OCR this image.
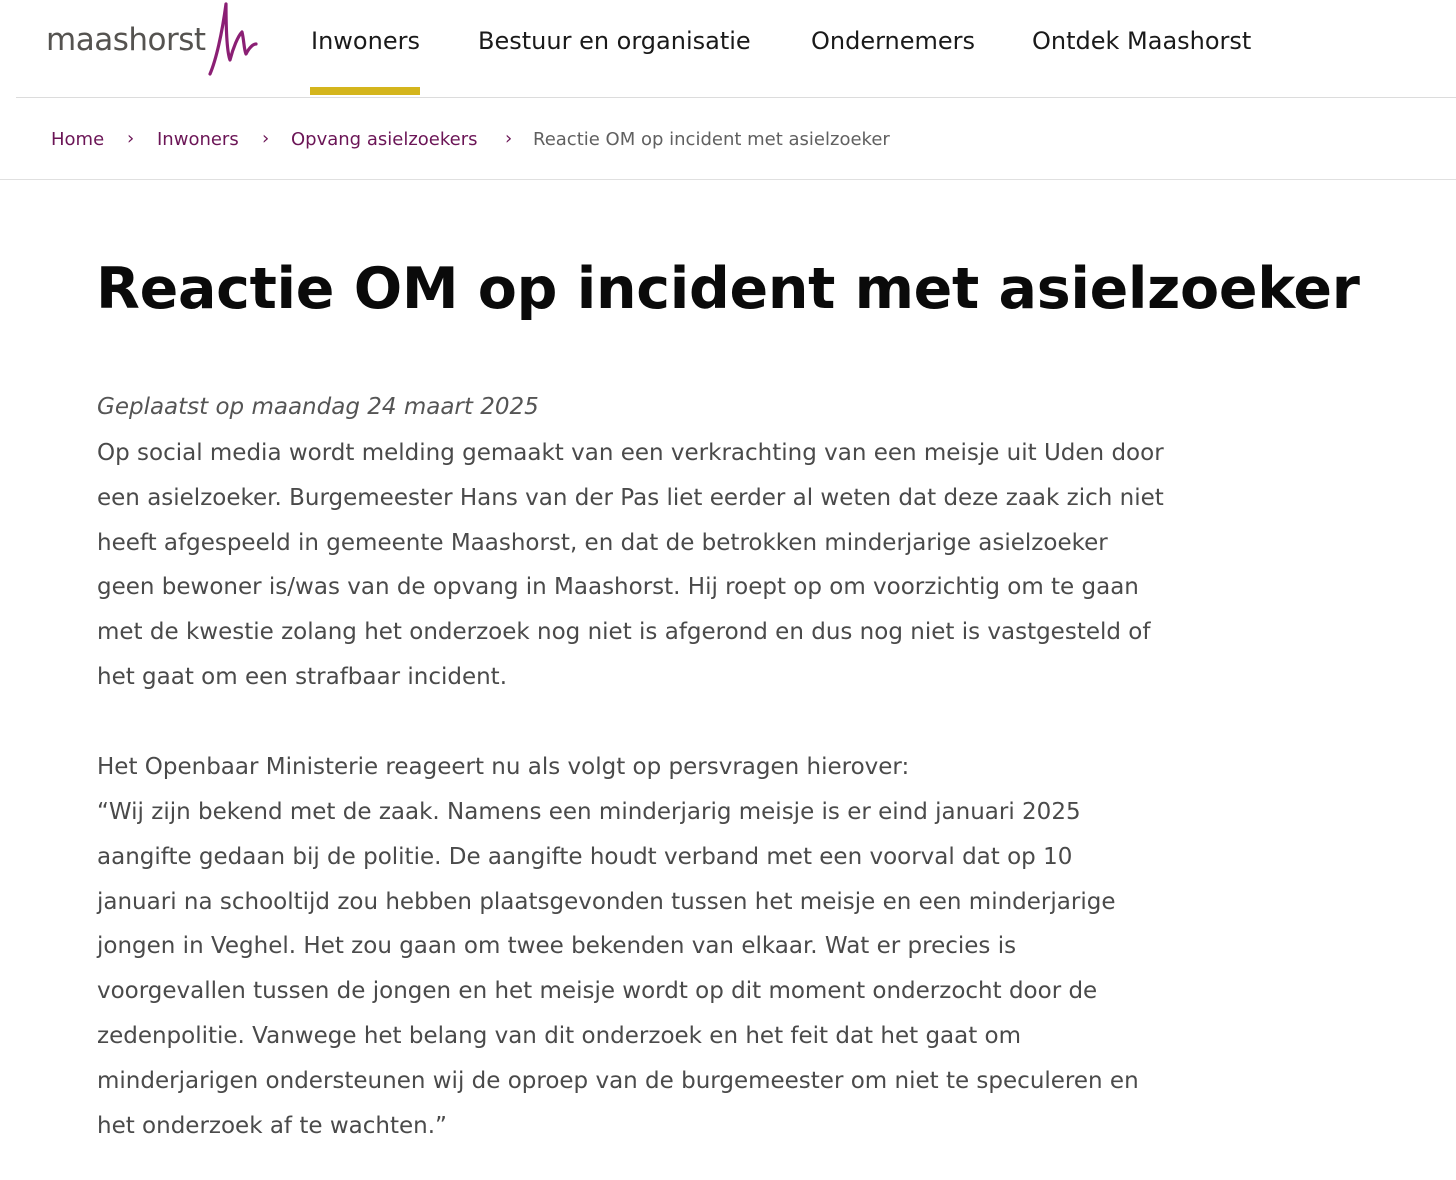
maashorst	Inwoners Bestuur en organisatie	Ondernemers Ontdek Maashorst
Home › Inwoners › Opvang asielzoekers › Reactie OM op incident met asielzoeker
Reactie OM op incident met asielzoeker
Geplaatst op maandag 24 maart 2025
Op social media wordt melding gemaakt van een verkrachting van een meisje uit Uden door
een asielzoeker. Burgemeester Hans van der Pas liet eerder al weten dat deze zaak zich niet
heeft afgespeeld in gemeente Maashorst, en dat de betrokken minderjarige asielzoeker
geen bewoner is/was van de opvang in Maashorst. Hij roept op om voorzichtig om te gaan
met de kwestie zolang het onderzoek nog niet is afgerond en dus nog niet is vastgesteld of
het gaat om een strafbaar incident.
Het Openbaar Ministerie reageert nu als volgt op persvragen hierover:
“Wij zijn bekend met de zaak. Namens een minderjarig meisje is er eind januari 2025
aangifte gedaan bij de politie. De aangifte houdt verband met een voorval dat op 10
januari na schooltijd zou hebben plaatsgevonden tussen het meisje en een minderjarige
jongen in Veghel. Het zou gaan om twee bekenden van elkaar. Wat er precies is
voorgevallen tussen de jongen en het meisje wordt op dit moment onderzocht door de
zedenpolitie. Vanwege het belang van dit onderzoek en het feit dat het gaat om
minderjarigen ondersteunen wij de oproep van de burgemeester om niet te speculeren en
het onderzoek af te wachten.”
